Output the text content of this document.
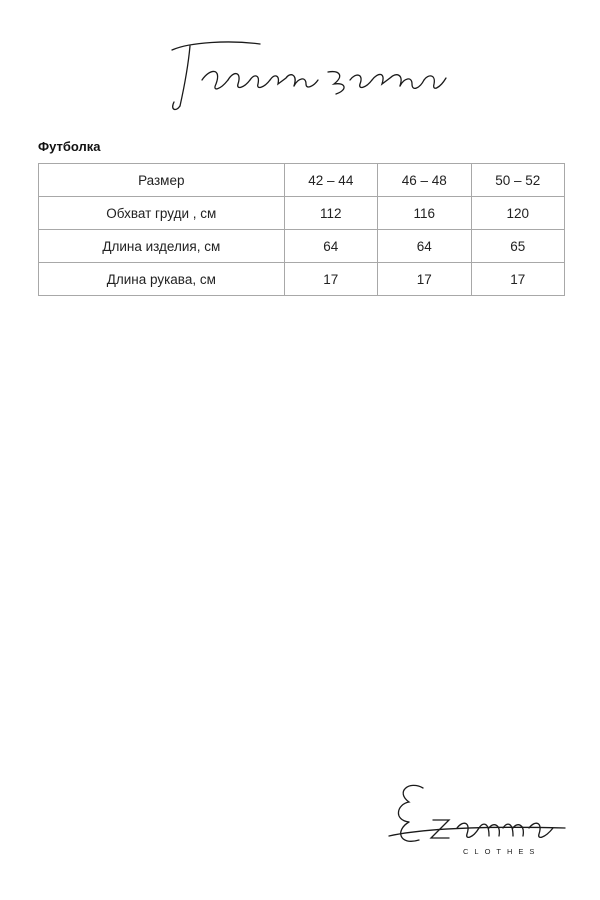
Футболка
Размер	42 – 44	46 – 48	50 – 52
Обхват груди , см	112	116	120
Длина изделия, см	64	64	65
Длина рукава, см	17	17	17
CLOTHES
